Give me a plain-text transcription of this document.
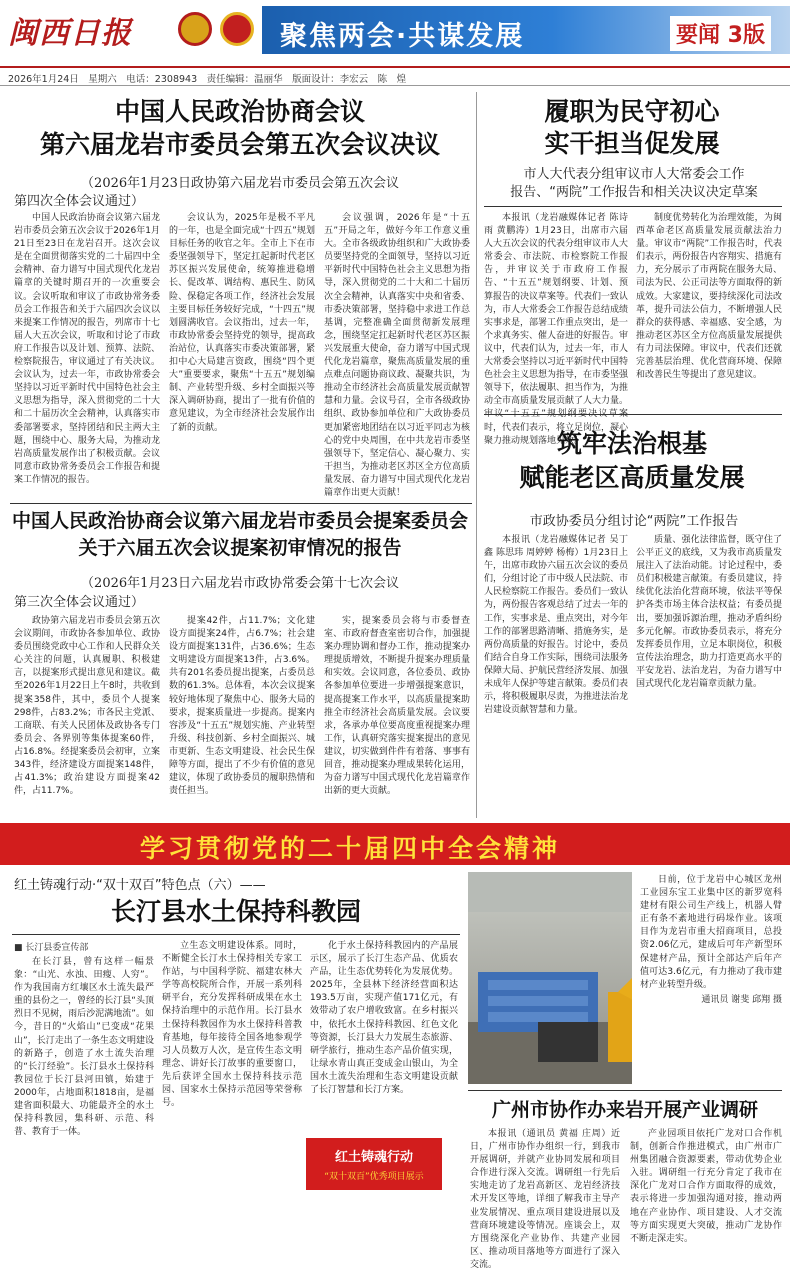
闽西日报	聚焦两会·共谋发展	要闻 3版
2026年1月24日　星期六　电话：2308943　责任编辑：温丽华　版面设计：李宏云　陈　煌
中国人民政治协商会议
第六届龙岩市委员会第五次会议决议
（2026年1月23日政协第六届龙岩市委员会第五次会议
第四次全体会议通过）

中国人民政治协商会议第六届龙岩市委员会第五次会议于2026年1月21日至23日在龙岩召开。这次会议是在全面贯彻落实党的二十届四中全会精神、奋力谱写中国式现代化龙岩篇章的关键时期召开的一次重要会议。会议听取和审议了市政协常务委员会工作报告和关于六届四次会议以来提案工作情况的报告，列席市十七届人大五次会议，听取和讨论了市政府工作报告以及计划、预算、法院、检察院报告，审议通过了有关决议。会议认为，过去一年，市政协常委会坚持以习近平新时代中国特色社会主义思想为指导，深入贯彻党的二十大和二十届历次全会精神，认真落实市委部署要求，坚持团结和民主两大主题，围绕中心、服务大局，为推动龙岩高质量发展作出了积极贡献。会议同意市政协常务委员会工作报告和提案工作情况的报告。

会议认为，2025年是极不平凡的一年，也是全面完成“十四五”规划目标任务的收官之年。全市上下在市委坚强领导下，坚定扛起新时代老区苏区振兴发展使命，统筹推进稳增长、促改革、调结构、惠民生、防风险、保稳定各项工作，经济社会发展主要目标任务较好完成，“十四五”规划圆满收官。会议指出，过去一年，市政协常委会坚持党的领导，提高政治站位，认真落实市委决策部署，紧扣中心大局建言资政，围绕“四个更大”重要要求，聚焦“十五五”规划编制、产业转型升级、乡村全面振兴等深入调研协商，提出了一批有价值的意见建议，为全市经济社会发展作出了新的贡献。

会议强调，2026年是“十五五”开局之年，做好今年工作意义重大。全市各级政协组织和广大政协委员要坚持党的全面领导，坚持以习近平新时代中国特色社会主义思想为指导，深入贯彻党的二十大和二十届历次全会精神，认真落实中央和省委、市委决策部署，坚持稳中求进工作总基调，完整准确全面贯彻新发展理念，围绕坚定扛起新时代老区苏区振兴发展重大使命，奋力谱写中国式现代化龙岩篇章，聚焦高质量发展的重点难点问题协商议政、凝聚共识，为推动全市经济社会高质量发展贡献智慧和力量。会议号召，全市各级政协组织、政协参加单位和广大政协委员更加紧密地团结在以习近平同志为核心的党中央周围，在中共龙岩市委坚强领导下，坚定信心、凝心聚力、实干担当，为推动老区苏区全方位高质量发展、奋力谱写中国式现代化龙岩篇章作出更大贡献！

中国人民政治协商会议第六届龙岩市委员会提案委员会
关于六届五次会议提案初审情况的报告
（2026年1月23日六届龙岩市政协常委会第十七次会议
第三次全体会议通过）

政协第六届龙岩市委员会第五次会议期间，市政协各参加单位、政协委员围绕党政中心工作和人民群众关心关注的问题，认真履职、积极建言，以提案形式提出意见和建议。截至2026年1月22日上午8时，共收到提案358件，其中，委员个人提案298件，占83.2%；市各民主党派、工商联、有关人民团体及政协各专门委员会、各界别等集体提案60件，占16.8%。经提案委员会初审，立案343件，经济建设方面提案148件，占41.3%；政治建设方面提案42件，占11.7%。

提案42件，占11.7%；文化建设方面提案24件，占6.7%；社会建设方面提案131件，占36.6%；生态文明建设方面提案13件，占3.6%。共有201名委员提出提案，占委员总数的61.3%。总体看，本次会议提案较好地体现了聚焦中心、服务大局的要求，提案质量进一步提高。提案内容涉及“十五五”规划实施、产业转型升级、科技创新、乡村全面振兴、城市更新、生态文明建设、社会民生保障等方面，提出了不少有价值的意见建议，体现了政协委员的履职热情和责任担当。

实，提案委员会将与市委督查室、市政府督查室密切合作，加强提案办理协调和督办工作，推动提案办理提质增效，不断提升提案办理质量和实效。会议同意，各位委员、政协各参加单位要进一步增强提案意识，提高提案工作水平，以高质量提案助推全市经济社会高质量发展。会议要求，各承办单位要高度重视提案办理工作，认真研究落实提案提出的意见建议，切实做到件件有着落、事事有回音，推动提案办理成果转化运用，为奋力谱写中国式现代化龙岩篇章作出新的更大贡献。

履职为民守初心
实干担当促发展
市人大代表分组审议市人大常委会工作
报告、“两院”工作报告和相关决议决定草案

本报讯（龙岩融媒体记者 陈诗雨 黄鹏涛）1月23日，出席市六届人大五次会议的代表分组审议市人大常委会、市法院、市检察院工作报告，并审议关于市政府工作报告、“十五五”规划纲要、计划、预算报告的决议草案等。代表们一致认为，市人大常委会工作报告总结成绩实事求是，部署工作重点突出，是一个求真务实、催人奋进的好报告。审议中，代表们认为，过去一年，市人大常委会坚持以习近平新时代中国特色社会主义思想为指导，在市委坚强领导下，依法履职、担当作为，为推动全市高质量发展贡献了人大力量。 时，代表们表示，将立足岗位，凝心聚力推动规划落地见效。

制度优势转化为治理效能，为闽西革命老区高质量发展贡献法治力量。审议市“两院”工作报告时，代表们表示，两份报告内容翔实、措施有力，充分展示了市两院在服务大局、司法为民、公正司法等方面取得的新成效。大家建议，要持续深化司法改革，提升司法公信力，不断增强人民群众的获得感、幸福感、安全感，为推动老区苏区全方位高质量发展提供有力司法保障。审议中，代表们还就完善基层治理、优化营商环境、保障和改善民生等提出了意见建议。

筑牢法治根基
赋能老区高质量发展
市政协委员分组讨论“两院”工作报告

本报讯（龙岩融媒体记者 吴丁鑫 陈思玮 周婷婷 杨梅）1月23日上午，出席市政协六届五次会议的委员们，分组讨论了市中级人民法院、市人民检察院工作报告。委员们一致认为，两份报告客观总结了过去一年的工作，实事求是、重点突出，对今年工作的部署思路清晰、措施务实，是两份高质量的好报告。讨论中，委员们结合自身工作实际，围绕司法服务保障大局、护航民营经济发展、加强未成年人保护等建言献策。委员们表示，将积极履职尽责，为推进法治龙岩建设贡献智慧和力量。

质量、强化法律监督，既守住了公平正义的底线，又为我市高质量发展注入了法治动能。讨论过程中，委员们积极建言献策。有委员建议，持续优化法治化营商环境，依法平等保护各类市场主体合法权益；有委员提出，要加强诉源治理，推动矛盾纠纷多元化解。市政协委员表示，将充分发挥委员作用，立足本职岗位，积极宣传法治理念，助力打造更高水平的平安龙岩、法治龙岩，为奋力谱写中国式现代化龙岩篇章贡献力量。

学习贯彻党的二十届四中全会精神
红土铸魂行动·“双十双百”特色点（六）——
长汀县水土保持科教园
■ 长汀县委宣传部

在长汀县，曾有这样一幅景象：“山光、水浊、田瘦、人穷”。作为我国南方红壤区水土流失最严重的县份之一，曾经的长汀县“头顶烈日不见树，雨后沙泥满地流”。如今，昔日的“火焰山”已变成“花果山”，长汀走出了一条生态文明建设的新路子，创造了水土流失治理的“长汀经验”。长汀县水土保持科教园位于长汀县河田镇，始建于2000年，占地面积1818亩，是福建省面积最大、功能最齐全的水土保持科教园，集科研、示范、科普、教育于一体。

立生态文明建设体系。同时，不断健全长汀水土保持相关专家工作站，与中国科学院、福建农林大学等高校院所合作，开展一系列科研平台，充分发挥科研成果在水土保持治理中的示范作用。长汀县水土保持科教园作为水土保持科普教育基地，每年接待全国各地参观学习人员数万人次，是宣传生态文明理念、讲好长汀故事的重要窗口，先后获评全国水土保持科技示范园、国家水土保持示范园等荣誉称号。

化于水土保持科教园内的产品展示区，展示了长汀生态产品、优质农产品，让生态优势转化为发展优势。2025年，全县林下经济经营面积达193.5万亩，实现产值171亿元，有效带动了农户增收致富。在乡村振兴中，依托水土保持科教园、红色文化等资源，长汀县大力发展生态旅游、研学旅行，推动生态产品价值实现，让绿水青山真正变成金山银山，为全国水土流失治理和生态文明建设贡献了长汀智慧和长汀方案。

红土铸魂行动
“双十双百”优秀项目展示

日前，位于龙岩中心城区龙州工业园东宝工业集中区的新罗宽科建材有限公司生产线上，机器人臂正有条不紊地进行码垛作业。该项目作为龙岩市重大招商项目，总投资2.06亿元，建成后可年产新型环保建材产品，预计全部达产后年产值可达3.6亿元，有力推动了我市建材产业转型升级。

通讯员 谢斐 邱翔 摄
广州市协作办来岩开展产业调研

本报讯（通讯员 黄福 庄周）近日，广州市协作办组织一行，到我市开展调研，并就产业协同发展和项目合作进行深入交流。调研组一行先后实地走访了龙岩高新区、龙岩经济技术开发区等地，详细了解我市主导产业发展情况、重点项目建设进展以及营商环境建设等情况。座谈会上，双方围绕深化产业协作、共建产业园区、推动项目落地等方面进行了深入交流。

产业园项目依托广龙对口合作机制，创新合作推进模式，由广州市广州集团融合资源要素，带动优势企业入驻。调研组一行充分肯定了我市在深化广龙对口合作方面取得的成效，表示将进一步加强沟通对接，推动两地在产业协作、项目建设、人才交流等方面实现更大突破，推动广龙协作不断走深走实。
